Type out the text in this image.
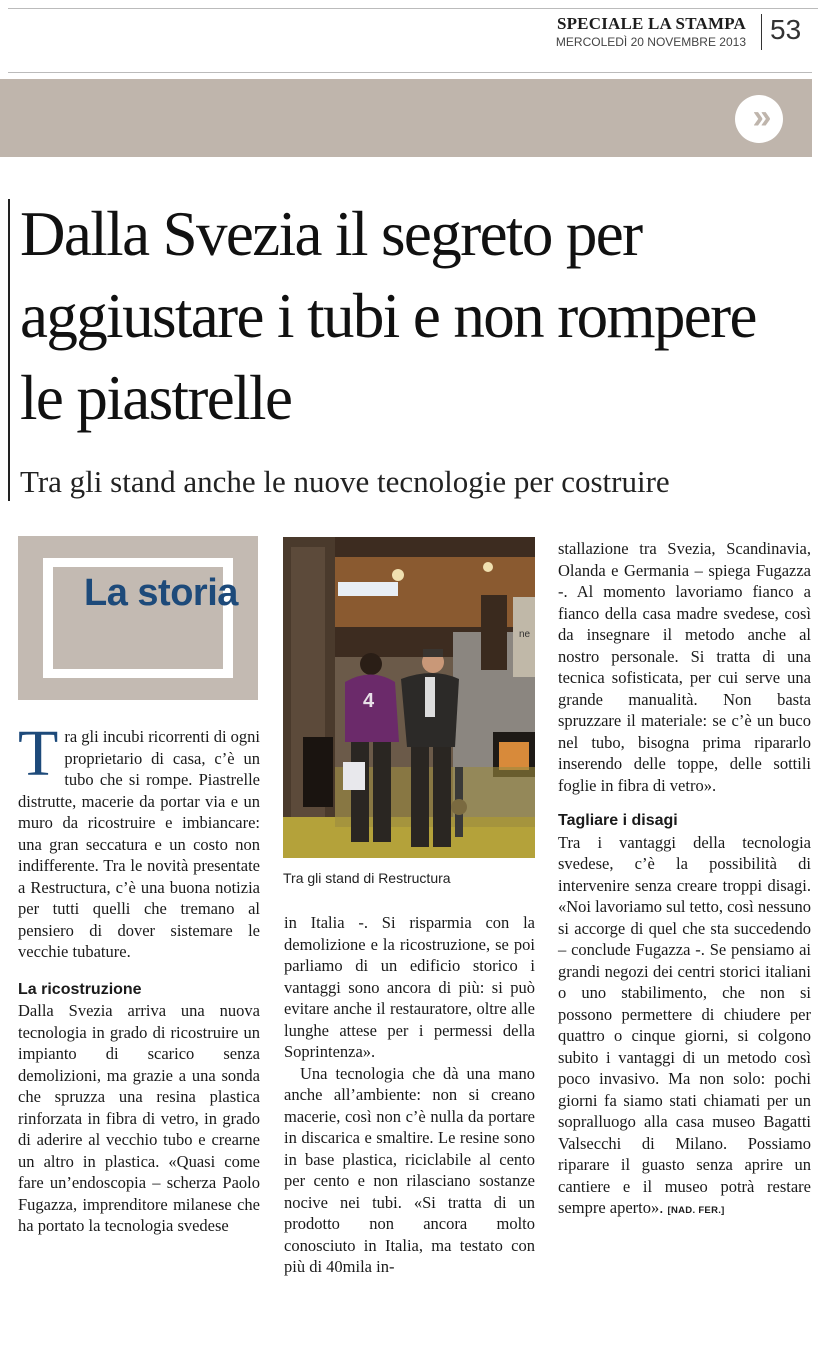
SPECIALE LA STAMPA
MERCOLEDÌ 20 NOVEMBRE 2013 53
»
Dalla Svezia il segreto per aggiustare i tubi e non rompere le piastrelle

Tra gli stand anche le nuove tecnologie per costruire

La storia
ne
4
Tra gli stand di Restructura

Tra gli incubi ricorrenti di ogni proprietario di casa, c’è un tubo che si rompe. Piastrelle distrutte, macerie da portar via e un muro da ricostruire e imbiancare: una gran seccatura e un costo non indifferente. Tra le novità presentate a Restructura, c’è una buona notizia per tutti quelli che tremano al pensiero di dover sistemare le vecchie tubature.

La ricostruzione

Dalla Svezia arriva una nuova tecnologia in grado di ricostruire un impianto di scarico senza demolizioni, ma grazie a una sonda che spruzza una resina plastica rinforzata in fibra di vetro, in grado di aderire al vecchio tubo e crearne un altro in plastica. «Quasi come fare un’endoscopia – scherza Paolo Fugazza, imprenditore milanese che ha portato la tecnologia svedese

in Italia -. Si risparmia con la demolizione e la ricostruzione, se poi parliamo di un edificio storico i vantaggi sono ancora di più: si può evitare anche il restauratore, oltre alle lunghe attese per i permessi della Soprintenza».

Una tecnologia che dà una mano anche all’ambiente: non si creano macerie, così non c’è nulla da portare in discarica e smaltire. Le resine sono in base plastica, riciclabile al cento per cento e non rilasciano sostanze nocive nei tubi. «Si tratta di un prodotto non ancora molto conosciuto in Italia, ma testato con più di 40mila in-

stallazione tra Svezia, Scandinavia, Olanda e Germania – spiega Fugazza -. Al momento lavoriamo fianco a fianco della casa madre svedese, così da insegnare il metodo anche al nostro personale. Si tratta di una tecnica sofisticata, per cui serve una grande manualità. Non basta spruzzare il materiale: se c’è un buco nel tubo, bisogna prima ripararlo inserendo delle toppe, delle sottili foglie in fibra di vetro».

Tagliare i disagi

Tra i vantaggi della tecnologia svedese, c’è la possibilità di intervenire senza creare troppi disagi. «Noi lavoriamo sul tetto, così nessuno si accorge di quel che sta succedendo – conclude Fugazza -. Se pensiamo ai grandi negozi dei centri storici italiani o uno stabilimento, che non si possono permettere di chiudere per quattro o cinque giorni, si colgono subito i vantaggi di un metodo così poco invasivo. Ma non solo: pochi giorni fa siamo stati chiamati per un sopralluogo alla casa museo Bagatti Valsecchi di Milano. Possiamo riparare il guasto senza aprire un cantiere e il museo potrà restare sempre aperto». [NAD. FER.]
